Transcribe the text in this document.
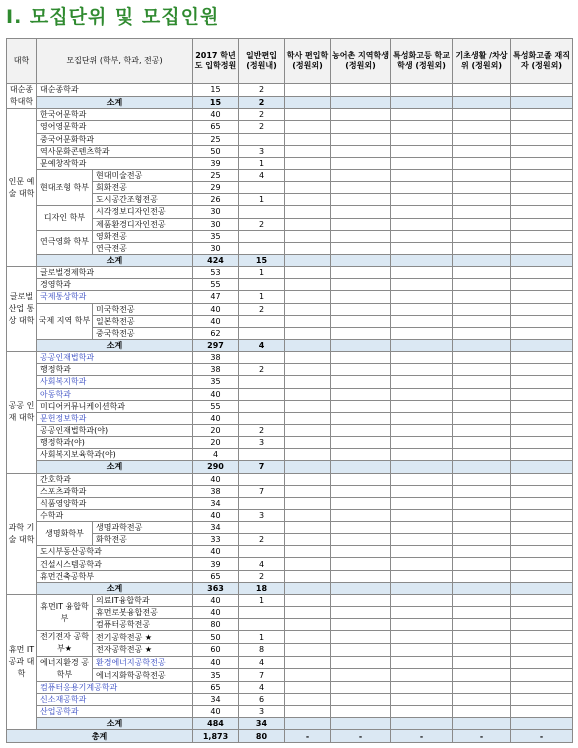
Ⅰ. 모집단위 및 모집인원
대학	모집단위 (학부, 학과, 전공)		2017 학년도 입학정원	일반편입 (정원내)	학사 편입학 (정원외)	농어촌 지역학생 (정원외)	특성화고등 학교학생 (정원외)	기초생활 /차상위 (정원외)	특성화고졸 재직자 (정원외)
대순종학대학	대순종학과		15	2					
	소계		15	2					
인문 예술 대학	한국어문학과		40	2					
	영어영문학과		65	2					
	중국어문화학과		25						
	역사문화콘텐츠학과		50	3					
	문예창작학과		39	1					
	현대조형 학부	현대미술전공	25	4					
		회화전공	29						
		도시공간조형전공	26	1					
	디자인 학부	시각정보디자인전공	30						
		제품환경디자인전공	30	2					
	연극영화 학부	영화전공	35						
		연극전공	30						
	소계		424	15					
글로벌 산업 통상 대학	글로벌경제학과		53	1					
	경영학과		55						
	국제통상학과		47	1					
	국제 지역 학부	미국학전공	40	2					
		일본학전공	40						
		중국학전공	62						
	소계		297	4					
공공 인재 대학	공공인재법학과		38						
	행정학과		38	2					
	사회복지학과		35						
	아동학과		40						
	미디어커뮤니케이션학과		55						
	문헌정보학과		40						
	공공인재법학과(야)		20	2					
	행정학과(야)		20	3					
	사회복지보육학과(야)		4						
	소계		290	7					
과학 기술 대학	간호학과		40						
	스포츠과학과		38	7					
	식품영양학과		34						
	수학과		40	3					
	생명화학부	생명과학전공	34						
		화학전공	33	2					
	도시부동산공학과		40						
	건설시스템공학과		39	4					
	휴먼건축공학부		65	2					
	소계		363	18					
휴먼 IT 공과 대학	휴먼IT 융합학부	의료IT융합학과	40	1					
		휴먼로봇융합전공	40						
		컴퓨터공학전공	80						
	전기전자 공학부★	전기공학전공 ★	50	1					
		전자공학전공 ★	60	8					
	에너지환경 공학부	환경에너지공학전공	40	4					
		에너지화학공학전공	35	7					
	컴퓨터응용기계공학과		65	4					
	신소재공학과		34	6					
	산업공학과		40	3					
	소계		484	34					
총계			1,873	80	-	-	-	-	-
